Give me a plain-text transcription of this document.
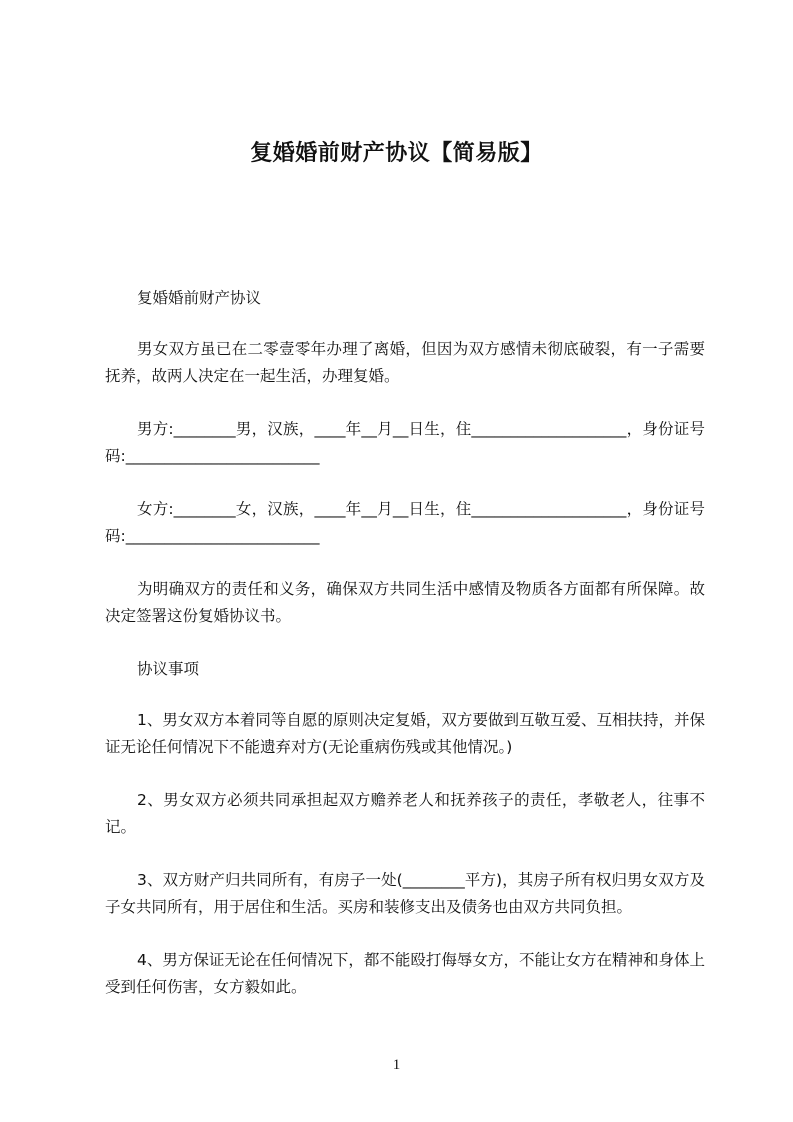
复婚婚前财产协议【简易版】

复婚婚前财产协议

男女双方虽已在二零壹零年办理了离婚，但因为双方感情未彻底破裂，有一子需要抚养，故两人决定在一起生活，办理复婚。

男方:________男，汉族，____年__月__日生，住____________________，身份证号码:_________________________

女方:________女，汉族，____年__月__日生，住____________________，身份证号码:_________________________

为明确双方的责任和义务，确保双方共同生活中感情及物质各方面都有所保障。故决定签署这份复婚协议书。

协议事项

1、男女双方本着同等自愿的原则决定复婚，双方要做到互敬互爱、互相扶持，并保证无论任何情况下不能遗弃对方(无论重病伤残或其他情况。)

2、男女双方必须共同承担起双方赡养老人和抚养孩子的责任，孝敬老人，往事不记。

3、双方财产归共同所有，有房子一处(________平方)，其房子所有权归男女双方及子女共同所有，用于居住和生活。买房和装修支出及债务也由双方共同负担。

4、男方保证无论在任何情况下，都不能殴打侮辱女方，不能让女方在精神和身体上受到任何伤害，女方毅如此。

1
